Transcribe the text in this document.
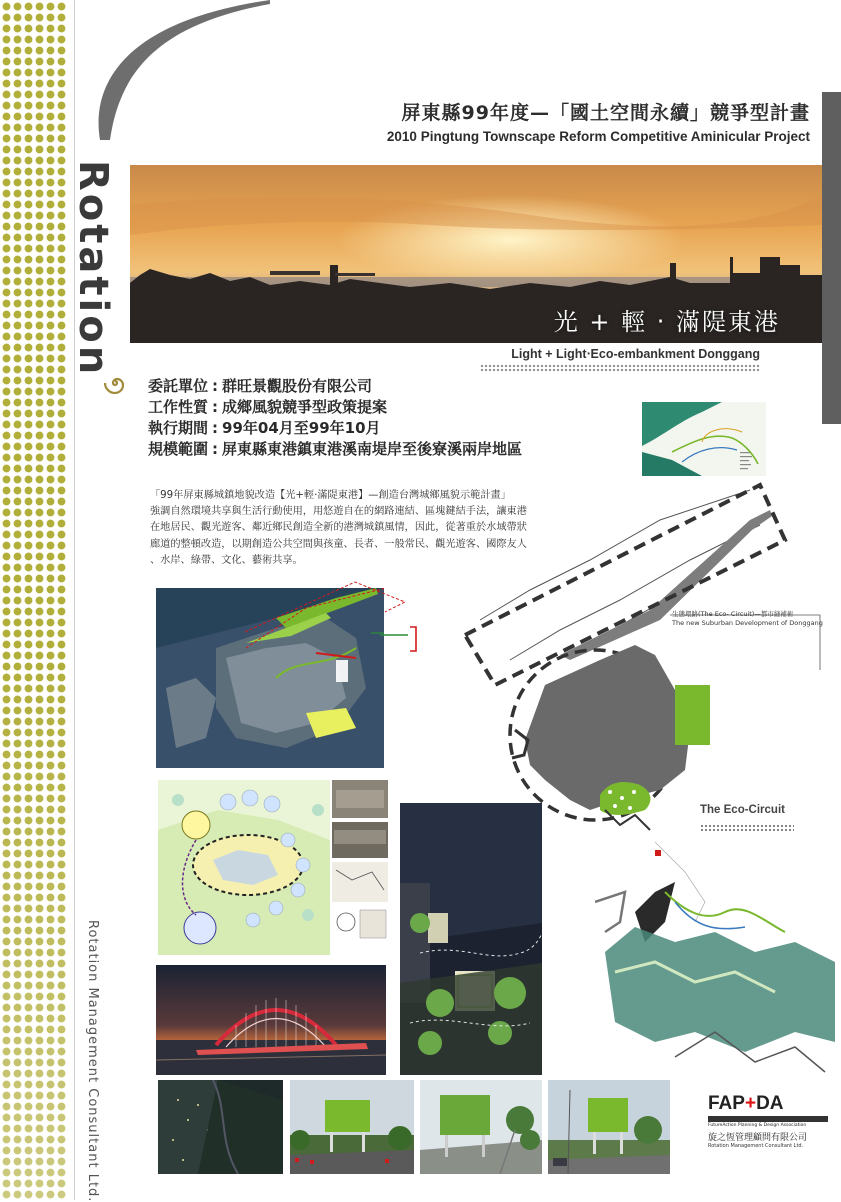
Rotation
Rotation Management Consultant Ltd.
屏東縣99年度—「國土空間永續」競爭型計畫
2010 Pingtung Townscape Reform Competitive Aminicular Project
光 + 輕 ‧ 滿隄東港
Light + Light‧Eco-embankment Donggang
委託單位 : 群旺景觀股份有限公司
工作性質 : 成鄉風貌競爭型政策提案
執行期間 : 99年04月至99年10月
規模範圍 : 屏東縣東港鎮東港溪南堤岸至後寮溪兩岸地區
「99年屏東縣城鎮地貌改造【光+輕‧滿隄東港】—創造台灣城鄉風貌示範計畫」
強調自然環境共享與生活行動使用，用悠遊自在的網路連結、區塊鍵結手法，讓東港
在地居民、觀光遊客、鄰近鄉民創造全新的港灣城鎮風情，因此，從著重於水域帶狀
廊道的整頓改造，以期創造公共空間與孩童、長者、一般常民、觀光遊客、國際友人
、水岸、綠帶、文化、藝術共享。
生態環路(The Eco- Circuit)—都市縫補術
The new Suburban Development of Donggang
The Eco-Circuit
FAP+DA
FutureAction Planning & Design Association
旋之恆管理顧問有限公司
Rotation Management Consultant Ltd.
